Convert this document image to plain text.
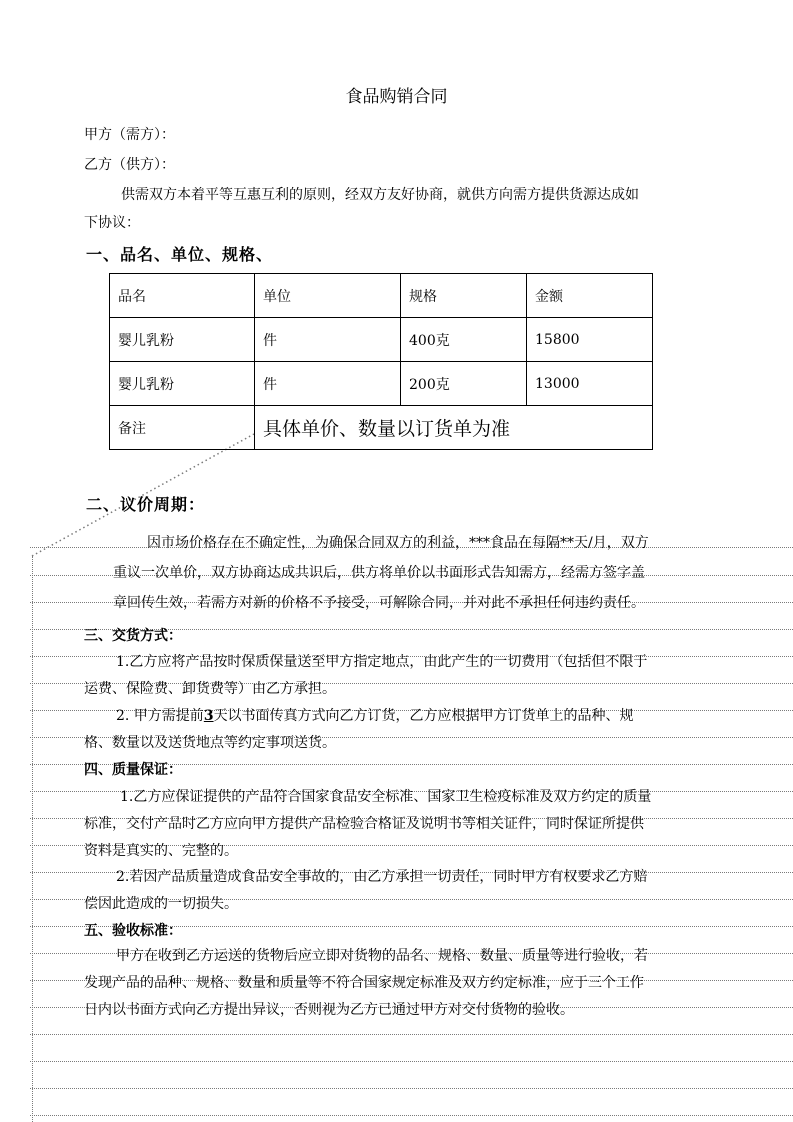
食品购销合同
甲方（需方）：
乙方（供方）：
供需双方本着平等互惠互利的原则，经双方友好协商，就供方向需方提供货源达成如
下协议：
一、品名、单位、规格、
品名	单位	规格	金额
婴儿乳粉	件	400克	15800
婴儿乳粉	件	200克	13000
备注	具体单价、数量以订货单为准		
二、议价周期：
因市场价格存在不确定性，为确保合同双方的利益，***食品在每隔**天/月，双方
重议一次单价，双方协商达成共识后，供方将单价以书面形式告知需方，经需方签字盖
章回传生效，若需方对新的价格不予接受，可解除合同，并对此不承担任何违约责任。
三、交货方式：
1.乙方应将产品按时保质保量送至甲方指定地点，由此产生的一切费用（包括但不限于
运费、保险费、卸货费等）由乙方承担。
2. 甲方需提前3天以书面传真方式向乙方订货，乙方应根据甲方订货单上的品种、规
格、数量以及送货地点等约定事项送货。
四、质量保证：
1.乙方应保证提供的产品符合国家食品安全标准、国家卫生检疫标准及双方约定的质量
标准，交付产品时乙方应向甲方提供产品检验合格证及说明书等相关证件，同时保证所提供
资料是真实的、完整的。
2.若因产品质量造成食品安全事故的，由乙方承担一切责任，同时甲方有权要求乙方赔
偿因此造成的一切损失。
五、验收标准：
甲方在收到乙方运送的货物后应立即对货物的品名、规格、数量、质量等进行验收，若
发现产品的品种、规格、数量和质量等不符合国家规定标准及双方约定标准，应于三个工作
日内以书面方式向乙方提出异议，否则视为乙方已通过甲方对交付货物的验收。
